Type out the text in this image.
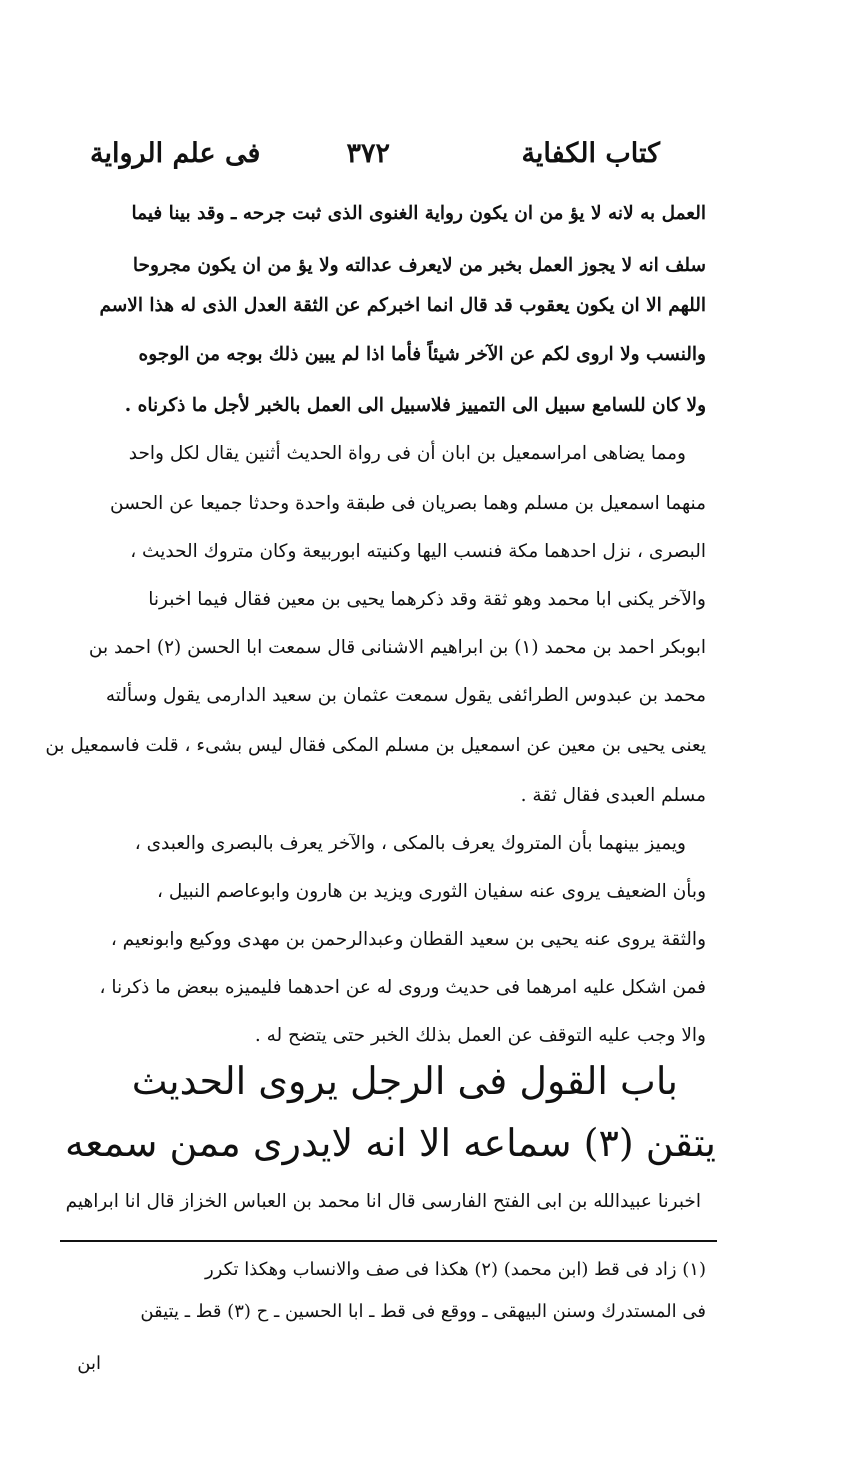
كتاب الكفاية
٣٧٢
فى علم الرواية
العمل به لانه لا يؤ من ان يكون رواية الغنوى الذى ثبت جرحه ـ وقد بينا فيما
سلف انه لا يجوز العمل بخبر من لايعرف عدالته ولا يؤ من ان يكون مجروحا
اللهم الا ان يكون يعقوب قد قال انما اخبركم عن الثقة العدل الذى له هذا الاسم
والنسب ولا اروى لكم عن الآخر شيئاً فأما اذا لم يبين ذلك بوجه من الوجوه
ولا كان للسامع سبيل الى التمييز فلاسبيل الى العمل بالخبر لأجل ما ذكرناه .
ومما يضاهى امراسمعيل بن ابان أن فى رواة الحديث أثنين يقال لكل واحد
منهما اسمعيل بن مسلم وهما بصريان فى طبقة واحدة وحدثا جميعا عن الحسن
البصرى ، نزل احدهما مكة فنسب اليها وكنيته ابوربيعة وكان متروك الحديث ،
والآخر يكنى ابا محمد وهو ثقة وقد ذكرهما يحيى بن معين فقال فيما اخبرنا
ابوبكر احمد بن محمد (١) بن ابراهيم الاشنانى قال سمعت ابا الحسن (٢) احمد بن
محمد بن عبدوس الطرائفى يقول سمعت عثمان بن سعيد الدارمى يقول وسألته
يعنى يحيى بن معين عن اسمعيل بن مسلم المكى فقال ليس بشىء ، قلت فاسمعيل بن
مسلم العبدى فقال ثقة .
ويميز بينهما بأن المتروك يعرف بالمكى ، والآخر يعرف بالبصرى والعبدى ،
وبأن الضعيف يروى عنه سفيان الثورى ويزيد بن هارون وابوعاصم النبيل ،
والثقة يروى عنه يحيى بن سعيد القطان وعبدالرحمن بن مهدى ووكيع وابونعيم ،
فمن اشكل عليه امرهما فى حديث وروى له عن احدهما فليميزه ببعض ما ذكرنا ،
والا وجب عليه التوقف عن العمل بذلك الخبر حتى يتضح له .
باب القول فى الرجل يروى الحديث
يتقن (٣) سماعه الا انه لايدرى ممن سمعه
اخبرنا عبيدالله بن ابى الفتح الفارسى قال انا محمد بن العباس الخزاز قال انا ابراهيم
(١) زاد فى قط (ابن محمد) (٢) هكذا فى صف والانساب وهكذا تكرر
فى المستدرك وسنن البيهقى ـ ووقع فى قط ـ ابا الحسين ـ ح (٣) قط ـ يتيقن
ابن
